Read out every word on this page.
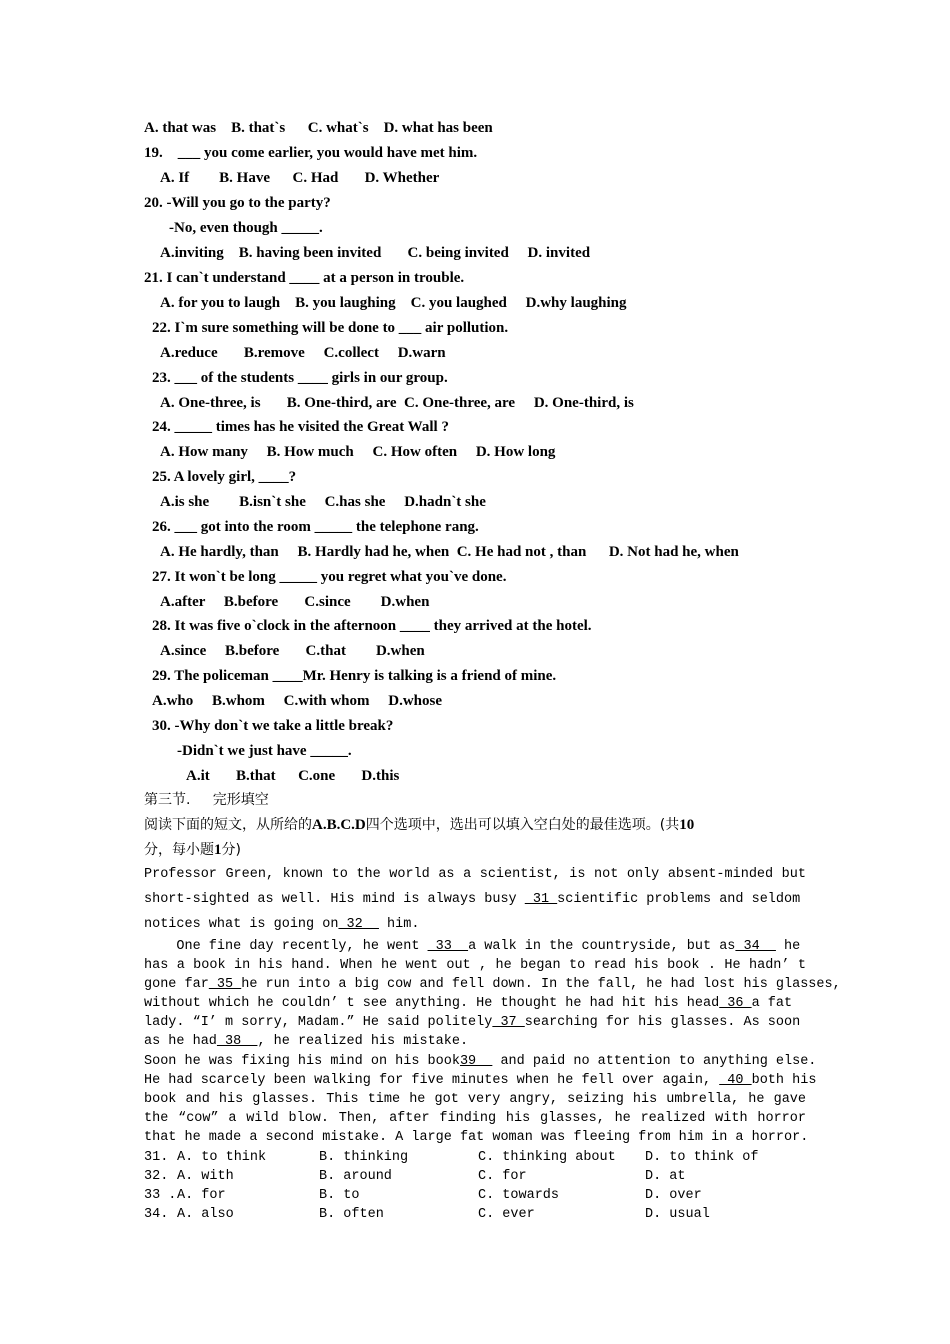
A. that was    B. that`s      C. what`s    D. what has been
19.    ___ you come earlier, you would have met him.
A. If        B. Have      C. Had       D. Whether
20. -Will you go to the party?
-No, even though _____.
A.inviting    B. having been invited       C. being invited     D. invited
21. I can`t understand ____ at a person in trouble.
A. for you to laugh    B. you laughing    C. you laughed     D.why laughing
22. I`m sure something will be done to ___ air pollution.
A.reduce       B.remove     C.collect     D.warn
23. ___ of the students ____ girls in our group.
A. One-three, is       B. One-third, are  C. One-three, are     D. One-third, is
24. _____ times has he visited the Great Wall ?
A. How many     B. How much     C. How often     D. How long
25. A lovely girl, ____?
A.is she        B.isn`t she     C.has she     D.hadn`t she
26. ___ got into the room _____ the telephone rang.
A. He hardly, than     B. Hardly had he, when  C. He had not , than      D. Not had he, when
27. It won`t be long _____ you regret what you`ve done.
A.after     B.before       C.since        D.when
28. It was five o`clock in the afternoon ____ they arrived at the hotel.
A.since     B.before       C.that        D.when
29. The policeman ____Mr. Henry is talking is a friend of mine.
A.who     B.whom     C.with whom     D.whose
30. -Why don`t we take a little break?
-Didn`t we just have _____.
A.it       B.that      C.one       D.this
第三节.     完形填空
阅读下面的短文，从所给的A.B.C.D四个选项中，选出可以填入空白处的最佳选项。(共10
分，每小题1分)
Professor Green, known to the world as a scientist, is not only absent-minded but
short-sighted as well. His mind is always busy  31 scientific problems and seldom
notices what is going on 32   him.
One fine day recently, he went  33  a walk in the countryside, but as 34   he
has a book in his hand. When he went out , he began to read his book . He hadn’ t
gone far 35 he run into a big cow and fell down. In the fall, he had lost his glasses,
without which he couldn’ t see anything. He thought he had hit his head 36 a fat
lady. “I’ m sorry, Madam.” He said politely 37 searching for his glasses. As soon
as he had 38  , he realized his mistake.
Soon he was fixing his mind on his book39   and paid no attention to anything else.
He had scarcely been walking for five minutes when he fell over again,  40 both his
book and his glasses. This time he got very angry, seizing his umbrella, he gave
the “cow” a wild blow. Then, after finding his glasses, he realized with horror
that he made a second mistake. A large fat woman was fleeing from him in a horror.
31. A. to think	B. thinking	C. thinking about D. to think of
32. A. with	B. around	C. for	D. at
33 . A. for	B. to	C. towards	D. over
34. A. also	B. often	C. ever	D. usual
